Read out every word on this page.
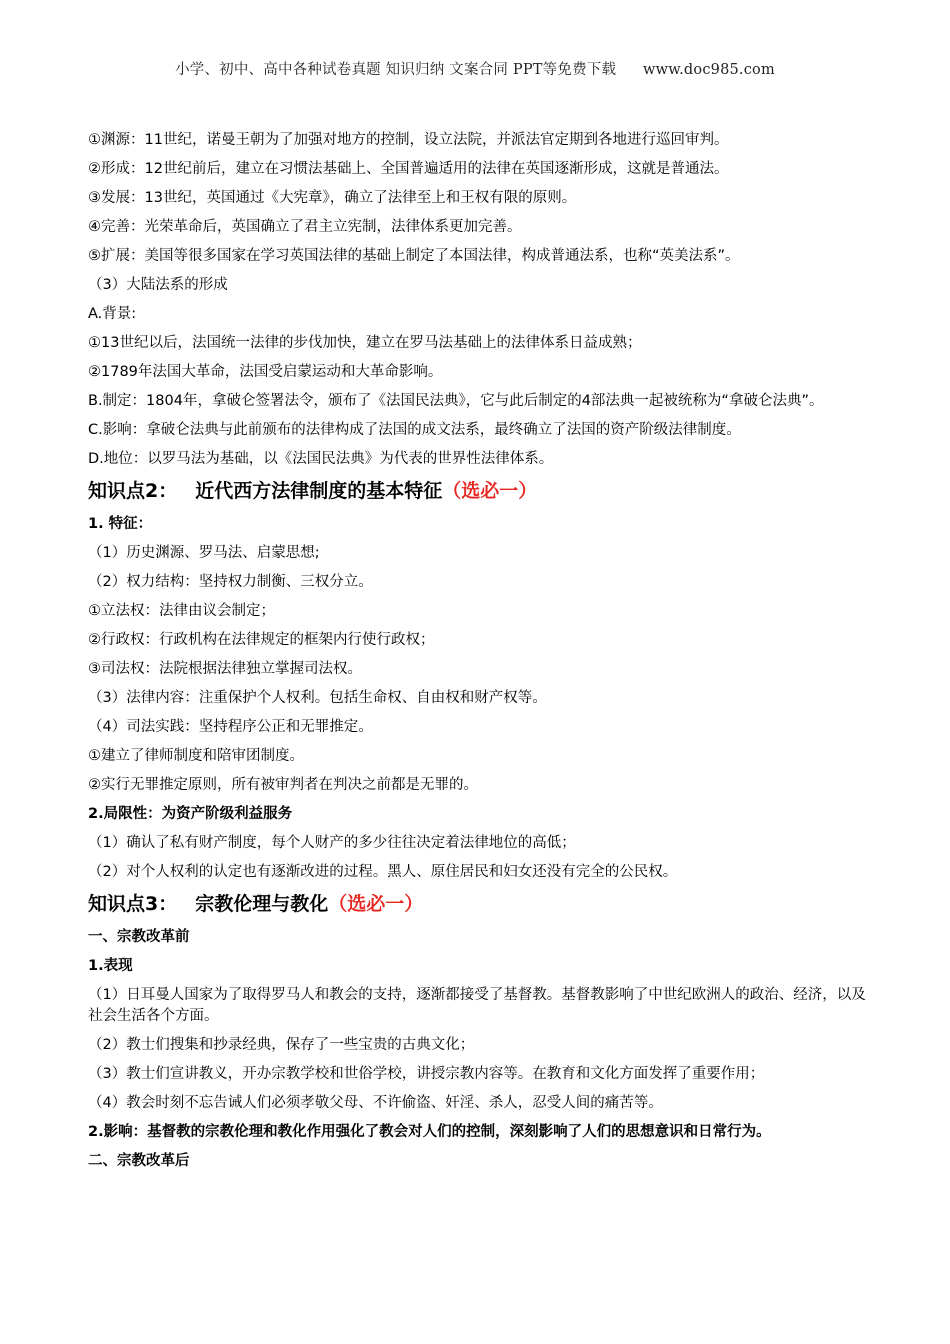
小学、初中、高中各种试卷真题 知识归纳 文案合同 PPT等免费下载 www.doc985.com
①渊源：11世纪，诺曼王朝为了加强对地方的控制，设立法院，并派法官定期到各地进行巡回审判。
②形成：12世纪前后，建立在习惯法基础上、全国普遍适用的法律在英国逐渐形成，这就是普通法。
③发展：13世纪，英国通过《大宪章》，确立了法律至上和王权有限的原则。
④完善：光荣革命后，英国确立了君主立宪制，法律体系更加完善。
⑤扩展：美国等很多国家在学习英国法律的基础上制定了本国法律，构成普通法系，也称“英美法系”。
（3）大陆法系的形成
A.背景:
①13世纪以后，法国统一法律的步伐加快，建立在罗马法基础上的法律体系日益成熟；
②1789年法国大革命，法国受启蒙运动和大革命影响。
B.制定：1804年，拿破仑签署法令，颁布了《法国民法典》，它与此后制定的4部法典一起被统称为“拿破仑法典”。
C.影响：拿破仑法典与此前颁布的法律构成了法国的成文法系，最终确立了法国的资产阶级法律制度。
D.地位：以罗马法为基础，以《法国民法典》为代表的世界性法律体系。
知识点2： 近代西方法律制度的基本特征（选必一）
1. 特征：
（1）历史渊源、罗马法、启蒙思想;
（2）权力结构：坚持权力制衡、三权分立。
①立法权：法律由议会制定；
②行政权：行政机构在法律规定的框架内行使行政权；
③司法权：法院根据法律独立掌握司法权。
（3）法律内容：注重保护个人权利。包括生命权、自由权和财产权等。
（4）司法实践：坚持程序公正和无罪推定。
①建立了律师制度和陪审团制度。
②实行无罪推定原则，所有被审判者在判决之前都是无罪的。
2.局限性：为资产阶级利益服务
（1）确认了私有财产制度，每个人财产的多少往往决定着法律地位的高低；
（2）对个人权利的认定也有逐渐改进的过程。黑人、原住居民和妇女还没有完全的公民权。
知识点3： 宗教伦理与教化（选必一）
一、宗教改革前
1.表现
（1）日耳曼人国家为了取得罗马人和教会的支持，逐渐都接受了基督教。基督教影响了中世纪欧洲人的政治、经济，以及社会生活各个方面。
（2）教士们搜集和抄录经典，保存了一些宝贵的古典文化；
（3）教士们宣讲教义，开办宗教学校和世俗学校，讲授宗教内容等。在教育和文化方面发挥了重要作用；
（4）教会时刻不忘告诫人们必须孝敬父母、不许偷盗、奸淫、杀人，忍受人间的痛苦等。
2.影响：基督教的宗教伦理和教化作用强化了教会对人们的控制，深刻影响了人们的思想意识和日常行为。
二、宗教改革后
